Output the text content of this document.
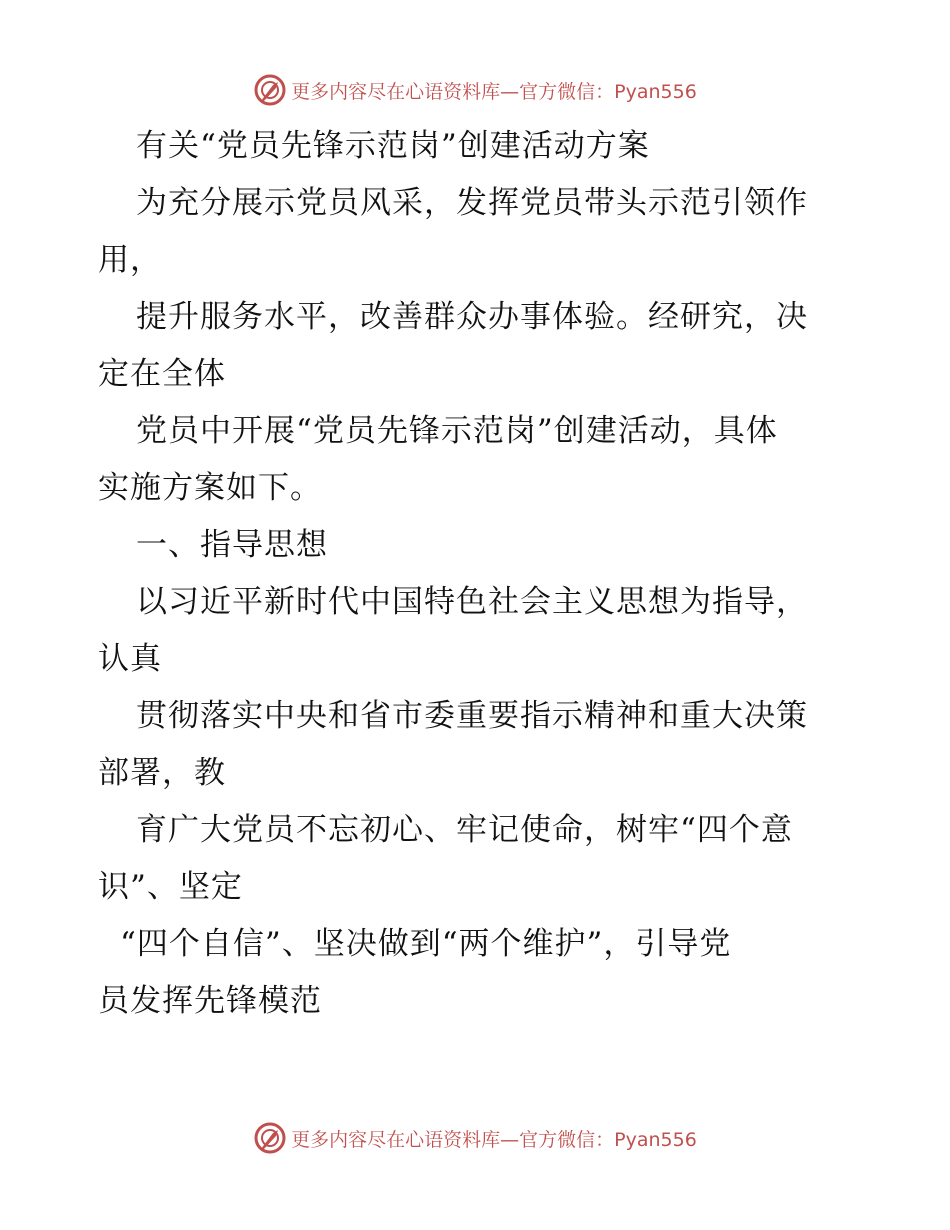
更多内容尽在心语资料库—官方微信：Pyan556
有关“党员先锋示范岗”创建活动方案
为充分展示党员风采，发挥党员带头示范引领作
用，
提升服务水平，改善群众办事体验。经研究，决
定在全体
党员中开展“党员先锋示范岗”创建活动，具体
实施方案如下。
一、指导思想
以习近平新时代中国特色社会主义思想为指导，
认真
贯彻落实中央和省市委重要指示精神和重大决策
部署，教
育广大党员不忘初心、牢记使命，树牢“四个意
识”、坚定
“四个自信”、坚决做到“两个维护”，引导党
员发挥先锋模范
更多内容尽在心语资料库—官方微信：Pyan556
